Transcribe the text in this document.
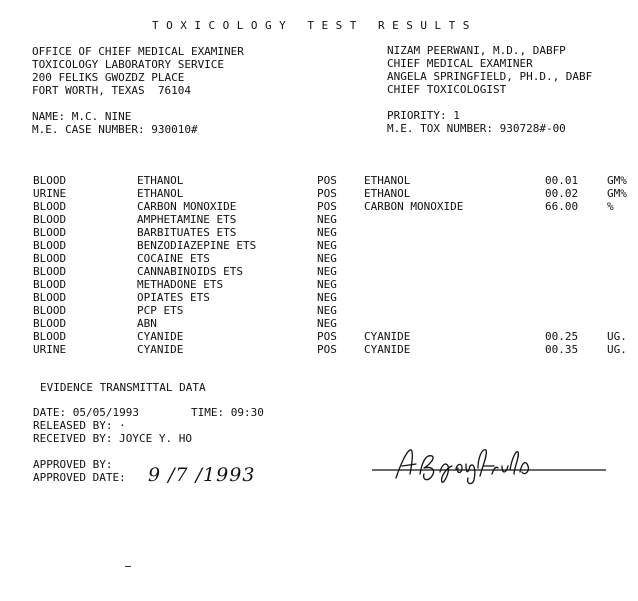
TOXICOLOGY TEST RESULTS
OFFICE OF CHIEF MEDICAL EXAMINER
TOXICOLOGY LABORATORY SERVICE
200 FELIKS GWOZDZ PLACE
FORT WORTH, TEXAS  76104
NIZAM PEERWANI, M.D., DABFP
CHIEF MEDICAL EXAMINER
ANGELA SPRINGFIELD, PH.D., DABF
CHIEF TOXICOLOGIST
NAME: M.C. NINE
M.E. CASE NUMBER: 930010#
PRIORITY: 1
M.E. TOX NUMBER: 930728#-00
BLOOD	ETHANOL	POS ETHANOL	00.01	GM%
URINE	ETHANOL	POS ETHANOL	00.02	GM%
BLOOD	CARBON MONOXIDE	POS CARBON MONOXIDE	66.00	%
BLOOD	AMPHETAMINE ETS	NEG
BLOOD	BARBITUATES ETS	NEG
BLOOD	BENZODIAZEPINE ETS	NEG
BLOOD	COCAINE ETS	NEG
BLOOD	CANNABINOIDS ETS	NEG
BLOOD	METHADONE ETS	NEG
BLOOD	OPIATES ETS	NEG
BLOOD	PCP ETS	NEG
BLOOD	ABN	NEG
BLOOD	CYANIDE	POS CYANIDE	00.25	UG.
URINE	CYANIDE	POS CYANIDE	00.35	UG.
EVIDENCE TRANSMITTAL DATA
DATE: 05/05/1993	TIME: 09:30
RELEASED BY: ·
RECEIVED BY: JOYCE Y. HO
APPROVED BY:
APPROVED DATE: 9 /7 /1993
